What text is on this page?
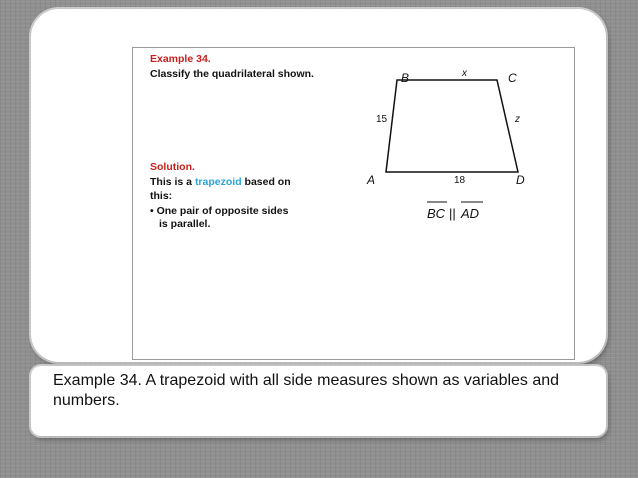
Example 34.
Classify the quadrilateral shown.
Solution.
This is a trapezoid based on
this:
• One pair of opposite sides
is parallel.
B	C
A	D
x
z
15
18
BC || AD
Example 34. A trapezoid with all side measures shown as variables and numbers.
